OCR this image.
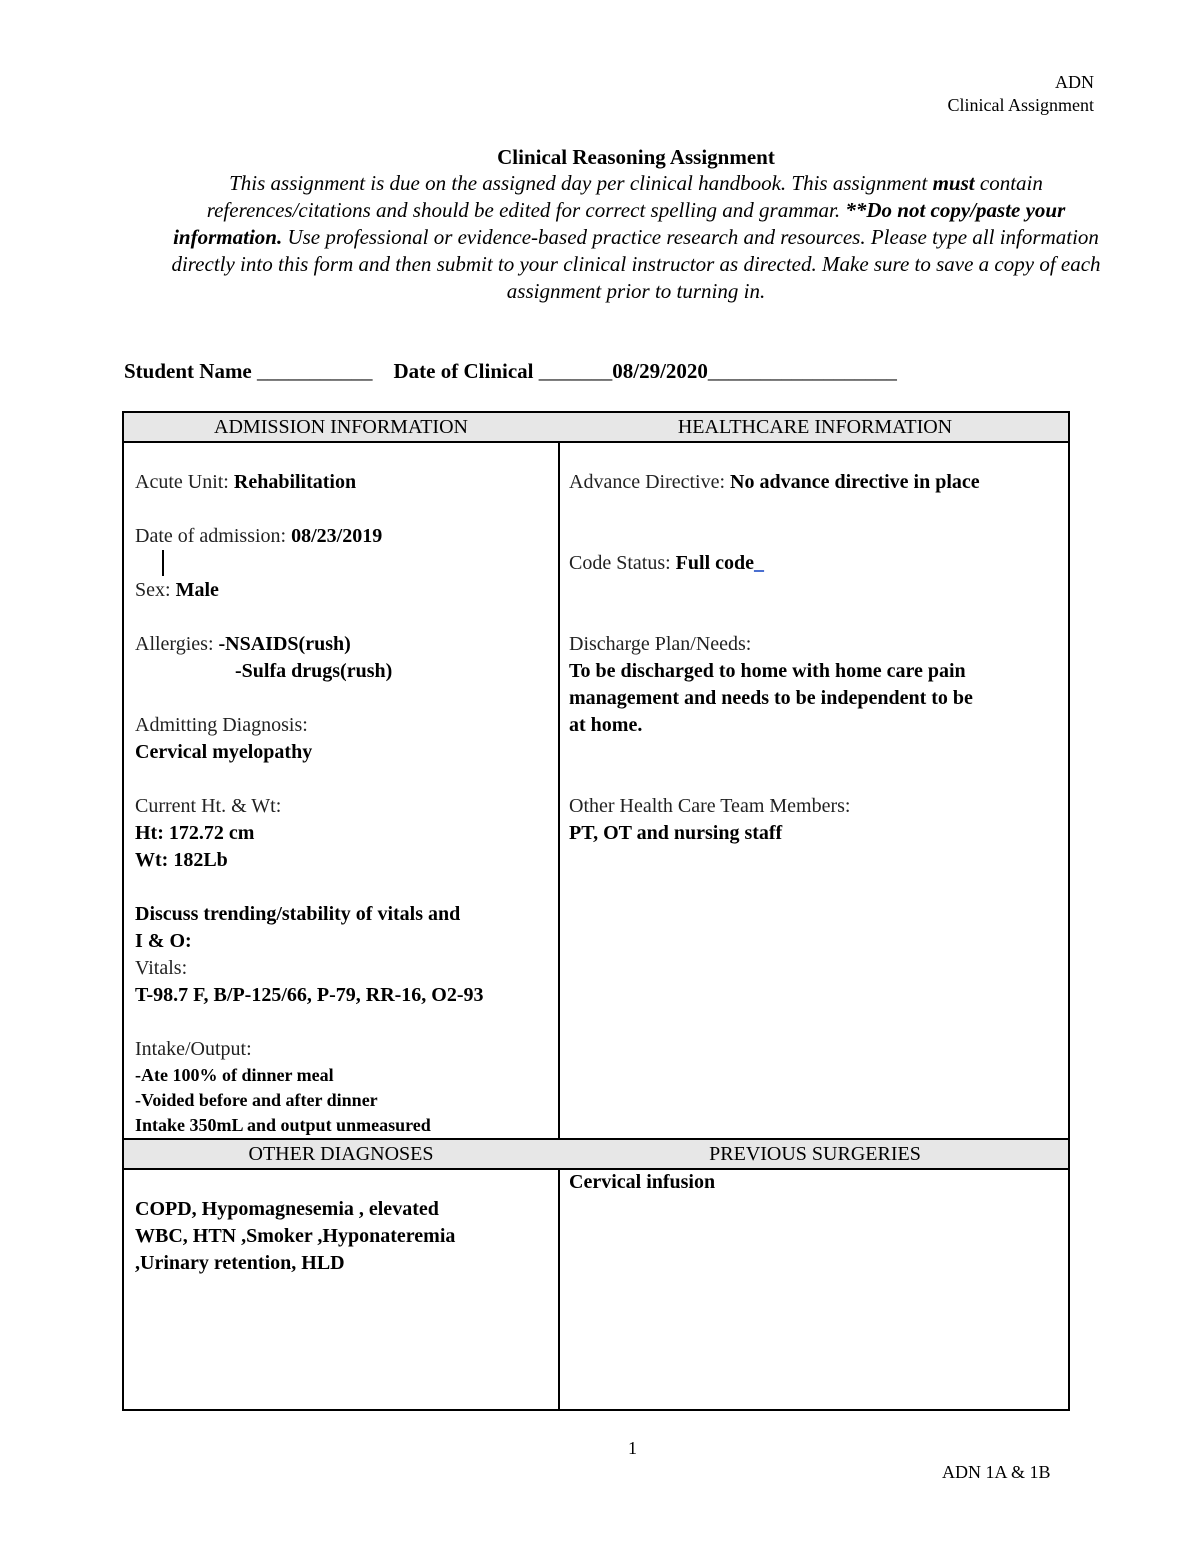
ADN
Clinical Assignment
Clinical Reasoning Assignment
This assignment is due on the assigned day per clinical handbook. This assignment must contain references/citations and should be edited for correct spelling and grammar. **Do not copy/paste your information. Use professional or evidence-based practice research and resources. Please type all information directly into this form and then submit to your clinical instructor as directed. Make sure to save a copy of each assignment prior to turning in.
Student Name ___________ Date of Clinical _______08/29/2020__________________
ADMISSION INFORMATION	HEALTHCARE INFORMATION
Acute Unit: Rehabilitation
Date of admission: 08/23/2019
Sex: Male
Allergies: -NSAIDS(rush)
-Sulfa drugs(rush)
Admitting Diagnosis:
Cervical myelopathy
Current Ht. & Wt:
Ht: 172.72 cm
Wt: 182Lb
Discuss trending/stability of vitals and
I & O:
Vitals:
T-98.7 F, B/P-125/66, P-79, RR-16, O2-93
Intake/Output:
-Ate 100% of dinner meal
-Voided before and after dinner
Intake 350mL and output unmeasured
Advance Directive: No advance directive in place
Code Status: Full code_
Discharge Plan/Needs:
To be discharged to home with home care pain
management and needs to be independent to be
at home.
Other Health Care Team Members:
PT, OT and nursing staff
OTHER DIAGNOSES	PREVIOUS SURGERIES
COPD, Hypomagnesemia , elevated
WBC, HTN ,Smoker ,Hyponateremia
,Urinary retention, HLD
Cervical infusion
1
ADN 1A & 1B
